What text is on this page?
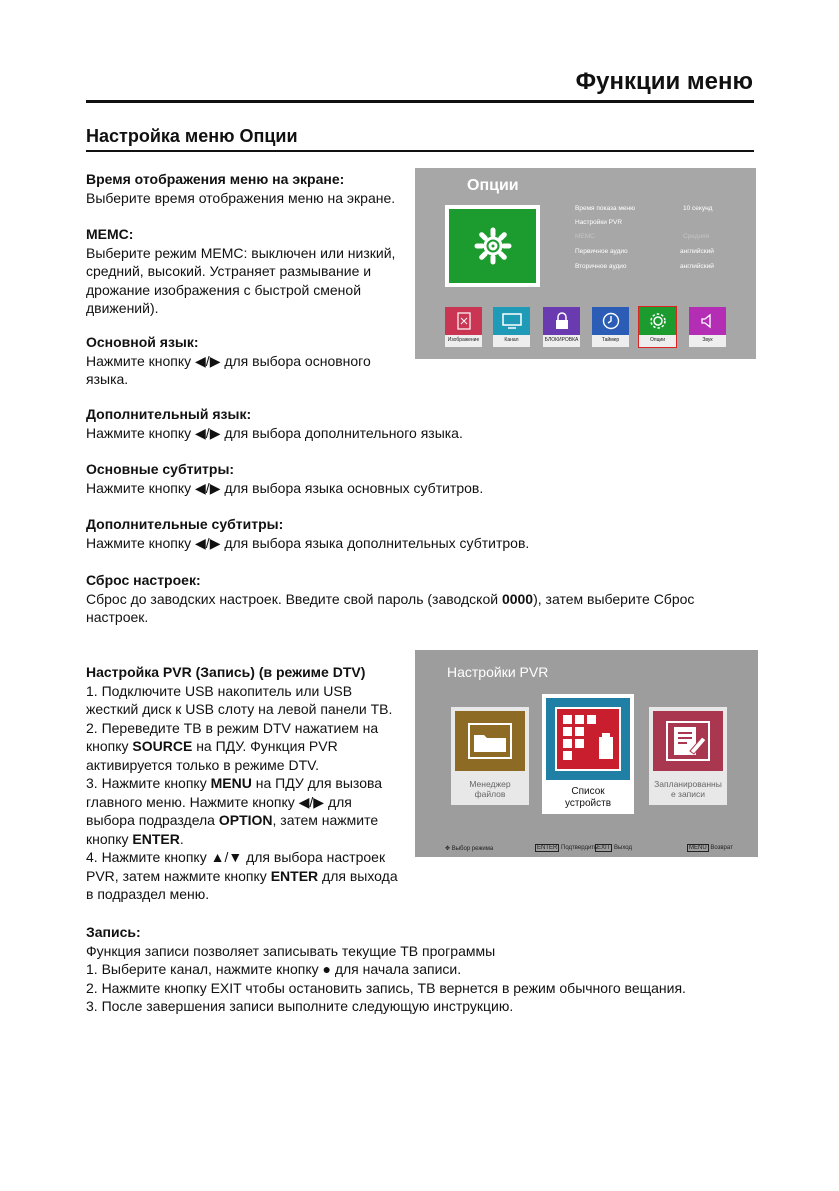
Функции меню
Настройка меню Опции
Время отображения меню на экране:
Выберите время отображения меню на экране.
MEMC:
Выберите режим MEMC: выключен или низкий,
средний, высокий. Устраняет размывание и
дрожание изображения с быстрой сменой
движений).
Основной язык:
Нажмите кнопку ◀/▶ для выбора основного
языка.
Дополнительный язык:
Нажмите кнопку ◀/▶ для выбора дополнительного языка.
Основные субтитры:
Нажмите кнопку ◀/▶ для выбора языка основных субтитров.
Дополнительные субтитры:
Нажмите кнопку ◀/▶ для выбора языка дополнительных субтитров.
Сброс настроек:
Сброс до заводских настроек. Введите свой пароль (заводской 0000), затем выберите Сброс
настроек.
Настройка PVR (Запись) (в режиме DTV)
1. Подключите USB накопитель или USB
жесткий диск к USB слоту на левой панели ТВ.
2. Переведите ТВ в режим DTV нажатием на
кнопку SOURCE на ПДУ. Функция PVR
активируется только в режиме DTV.
3. Нажмите кнопку MENU на ПДУ для вызова
главного меню. Нажмите кнопку ◀/▶ для
выбора подраздела OPTION, затем нажмите
кнопку ENTER.
4. Нажмите кнопку ▲/▼ для выбора настроек
PVR, затем нажмите кнопку ENTER для выхода
в подраздел меню.
Запись:
Функция записи позволяет записывать текущие ТВ программы
1. Выберите канал, нажмите кнопку ● для начала записи.
2. Нажмите кнопку EXIT чтобы остановить запись, ТВ вернется в режим обычного вещания.
3. После завершения записи выполните следующую инструкцию.
Опции
Время показа меню	10 секунд
Настройки PVR
MEMC	Средняя
Первичное аудио	английский
Вторичное аудио	английский
Изображение	Канал	БЛОКИРОВКА	Таймер	Опции	Звук
Настройки PVR
Менеджер
файлов	Список
устройств
Запланированны
е записи
✥ Выбор режима	ENTER Подтвердить EXIT Выход	MENU Возврат
